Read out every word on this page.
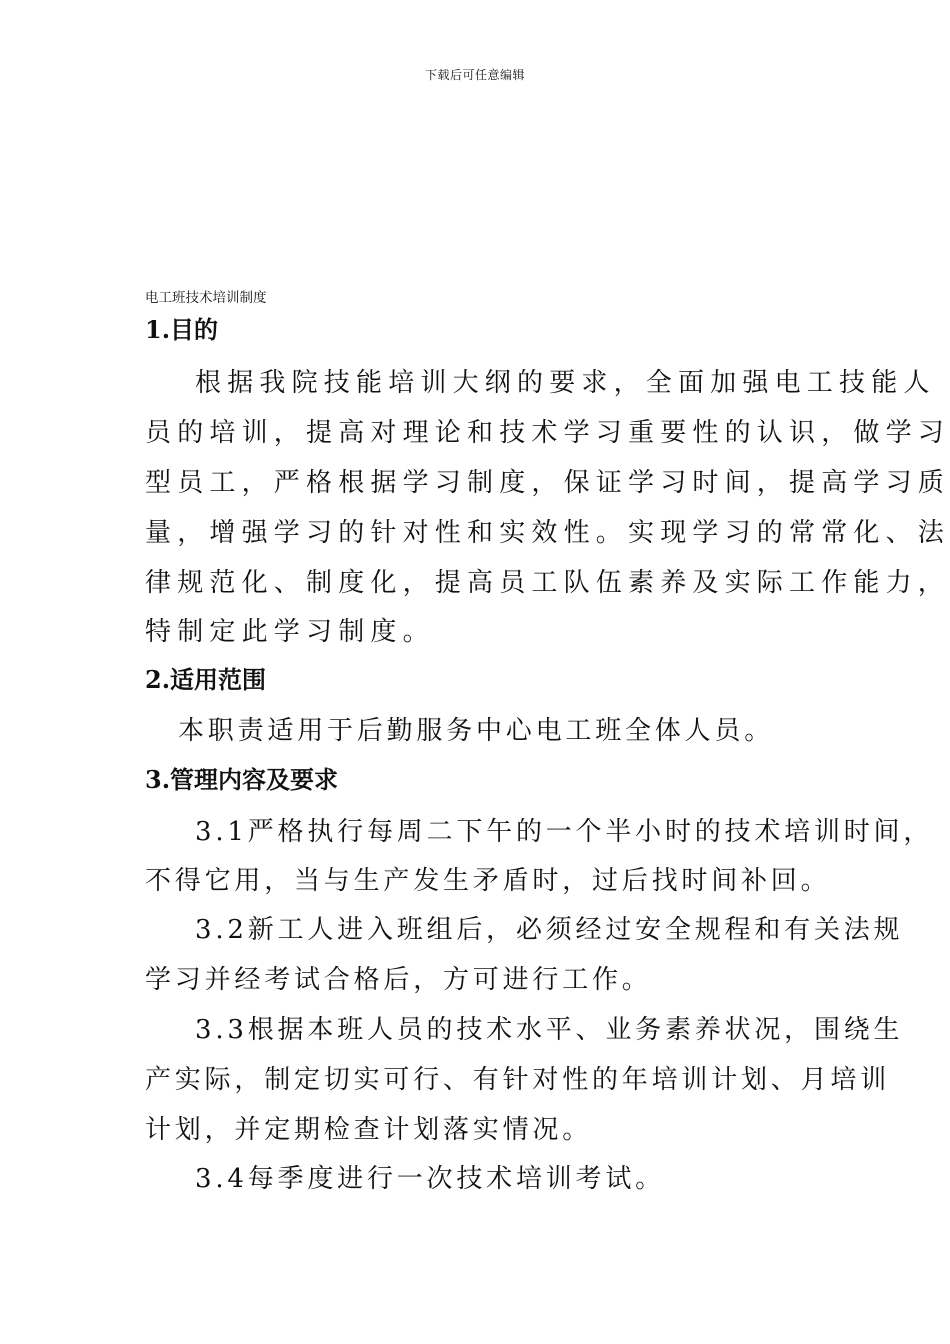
下载后可任意编辑
电工班技术培训制度
1.目的
根据我院技能培训大纲的要求，全面加强电工技能人
员的培训，提高对理论和技术学习重要性的认识，做学习
型员工，严格根据学习制度，保证学习时间，提高学习质
量，增强学习的针对性和实效性。实现学习的常常化、法
律规范化、制度化，提高员工队伍素养及实际工作能力，
特制定此学习制度。
2.适用范围
本职责适用于后勤服务中心电工班全体人员。
3.管理内容及要求
3.1严格执行每周二下午的一个半小时的技术培训时间，
不得它用，当与生产发生矛盾时，过后找时间补回。
3.2新工人进入班组后，必须经过安全规程和有关法规
学习并经考试合格后，方可进行工作。
3.3根据本班人员的技术水平、业务素养状况，围绕生
产实际，制定切实可行、有针对性的年培训计划、月培训
计划，并定期检查计划落实情况。
3.4每季度进行一次技术培训考试。
